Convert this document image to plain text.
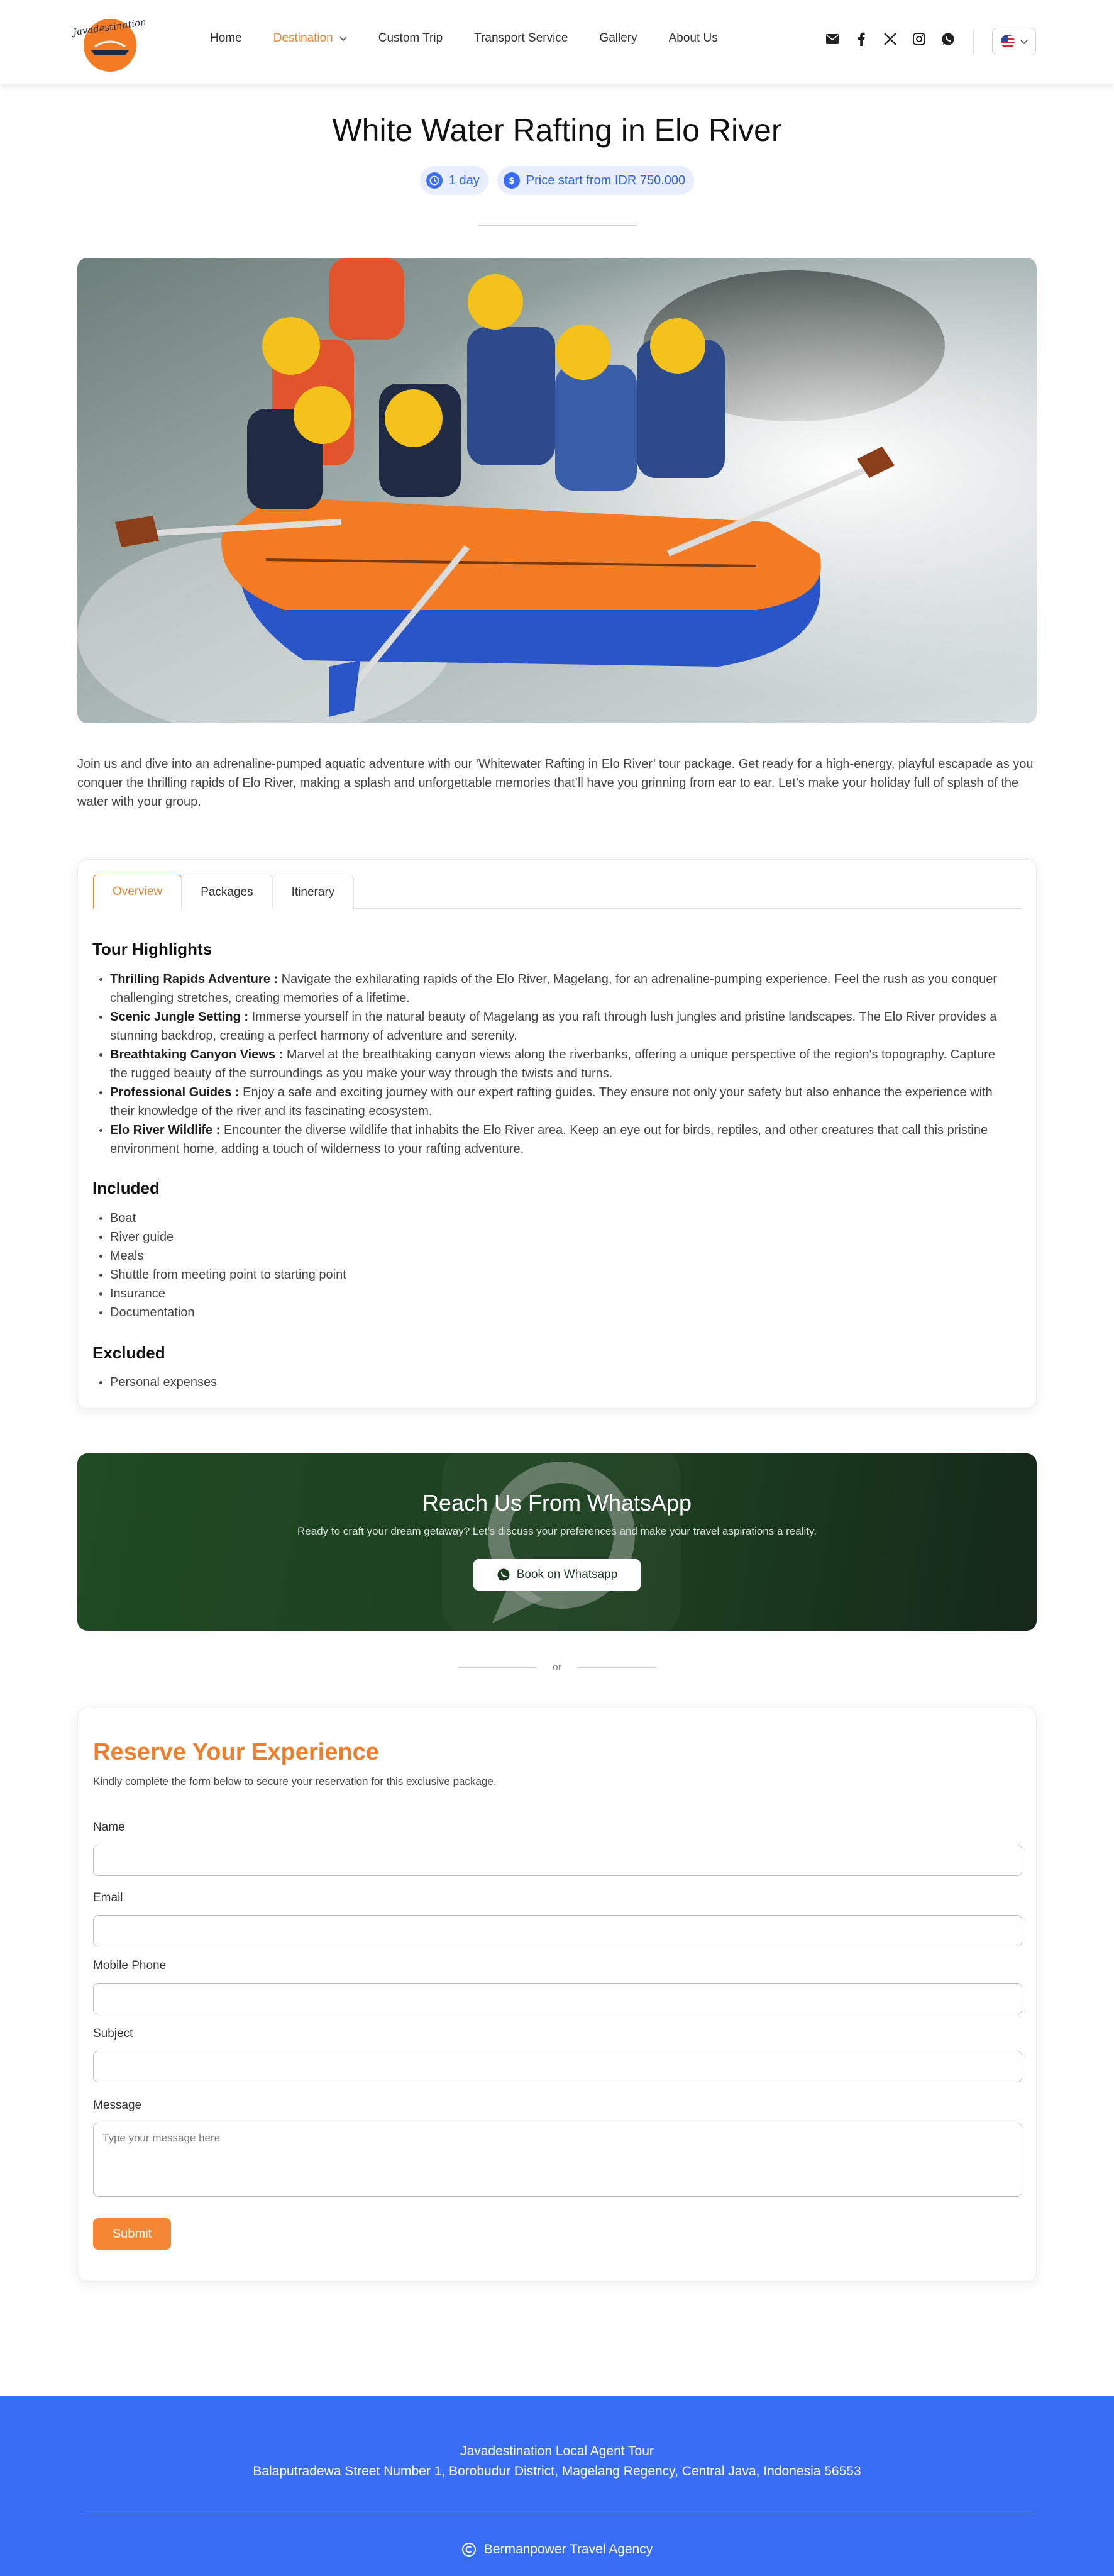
Javadestination
Home	Destination	Custom Trip	Transport Service	Gallery	About Us
White Water Rafting in Elo River
1 day	$ Price start from IDR 750.000

Join us and dive into an adrenaline-pumped aquatic adventure with our ‘Whitewater Rafting in Elo River’ tour package. Get ready for a high-energy, playful escapade as you conquer the thrilling rapids of Elo River, making a splash and unforgettable memories that’ll have you grinning from ear to ear. Let’s make your holiday full of splash of the water with your group.

Overview	Packages	Itinerary
Tour Highlights
Thrilling Rapids Adventure : Navigate the exhilarating rapids of the Elo River, Magelang, for an adrenaline-pumping experience. Feel the rush as you conquer challenging stretches, creating memories of a lifetime.
Scenic Jungle Setting : Immerse yourself in the natural beauty of Magelang as you raft through lush jungles and pristine landscapes. The Elo River provides a stunning backdrop, creating a perfect harmony of adventure and serenity.
Breathtaking Canyon Views : Marvel at the breathtaking canyon views along the riverbanks, offering a unique perspective of the region's topography. Capture the rugged beauty of the surroundings as you make your way through the twists and turns.
Professional Guides : Enjoy a safe and exciting journey with our expert rafting guides. They ensure not only your safety but also enhance the experience with their knowledge of the river and its fascinating ecosystem.
Elo River Wildlife : Encounter the diverse wildlife that inhabits the Elo River area. Keep an eye out for birds, reptiles, and other creatures that call this pristine environment home, adding a touch of wilderness to your rafting adventure.
Included
Boat
River guide
Meals
Shuttle from meeting point to starting point
Insurance
Documentation
Excluded
Personal expenses
Reach Us From WhatsApp
Ready to craft your dream getaway? Let's discuss your preferences and make your travel aspirations a reality.
Book on Whatsapp
or
Reserve Your Experience

Kindly complete the form below to secure your reservation for this exclusive package.

Name
Email
Mobile Phone
Subject
Message
Type your message here
Submit
Javadestination Local Agent Tour
Balaputradewa Street Number 1, Borobudur District, Magelang Regency, Central Java, Indonesia 56553
Bermanpower Travel Agency
